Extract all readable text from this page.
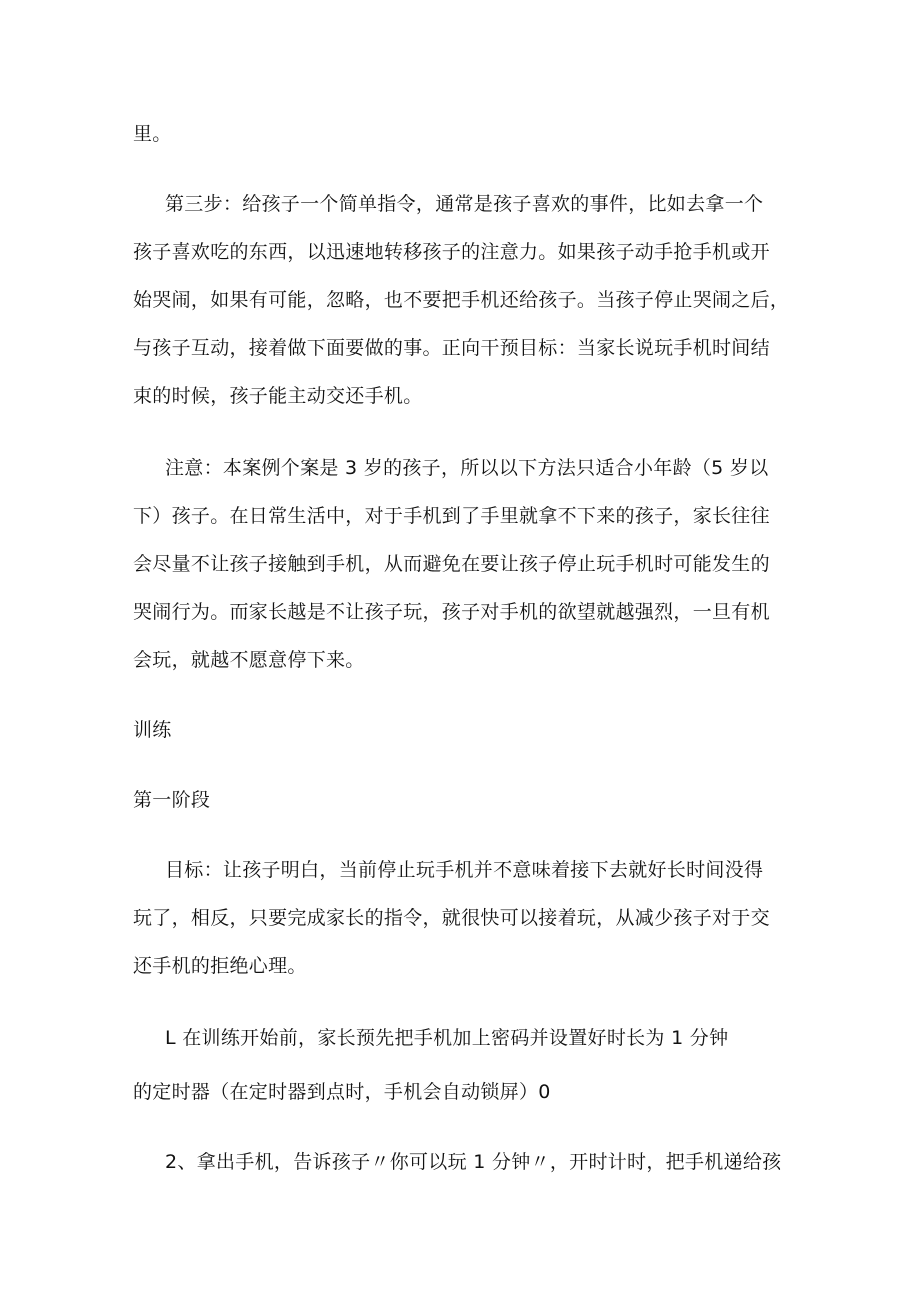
里。
第三步：给孩子一个简单指令，通常是孩子喜欢的事件，比如去拿一个
孩子喜欢吃的东西，以迅速地转移孩子的注意力。如果孩子动手抢手机或开
始哭闹，如果有可能，忽略，也不要把手机还给孩子。当孩子停止哭闹之后，
与孩子互动，接着做下面要做的事。正向干预目标：当家长说玩手机时间结
束的时候，孩子能主动交还手机。
注意：本案例个案是 3 岁的孩子，所以以下方法只适合小年龄（5 岁以
下）孩子。在日常生活中，对于手机到了手里就拿不下来的孩子，家长往往
会尽量不让孩子接触到手机，从而避免在要让孩子停止玩手机时可能发生的
哭闹行为。而家长越是不让孩子玩，孩子对手机的欲望就越强烈，一旦有机
会玩，就越不愿意停下来。
训练
第一阶段
目标：让孩子明白，当前停止玩手机并不意味着接下去就好长时间没得
玩了，相反，只要完成家长的指令，就很快可以接着玩，从减少孩子对于交
还手机的拒绝心理。
L 在训练开始前，家长预先把手机加上密码并设置好时长为 1 分钟
的定时器（在定时器到点时，手机会自动锁屏）0
2、拿出手机，告诉孩子〃你可以玩 1 分钟〃，开时计时，把手机递给孩
